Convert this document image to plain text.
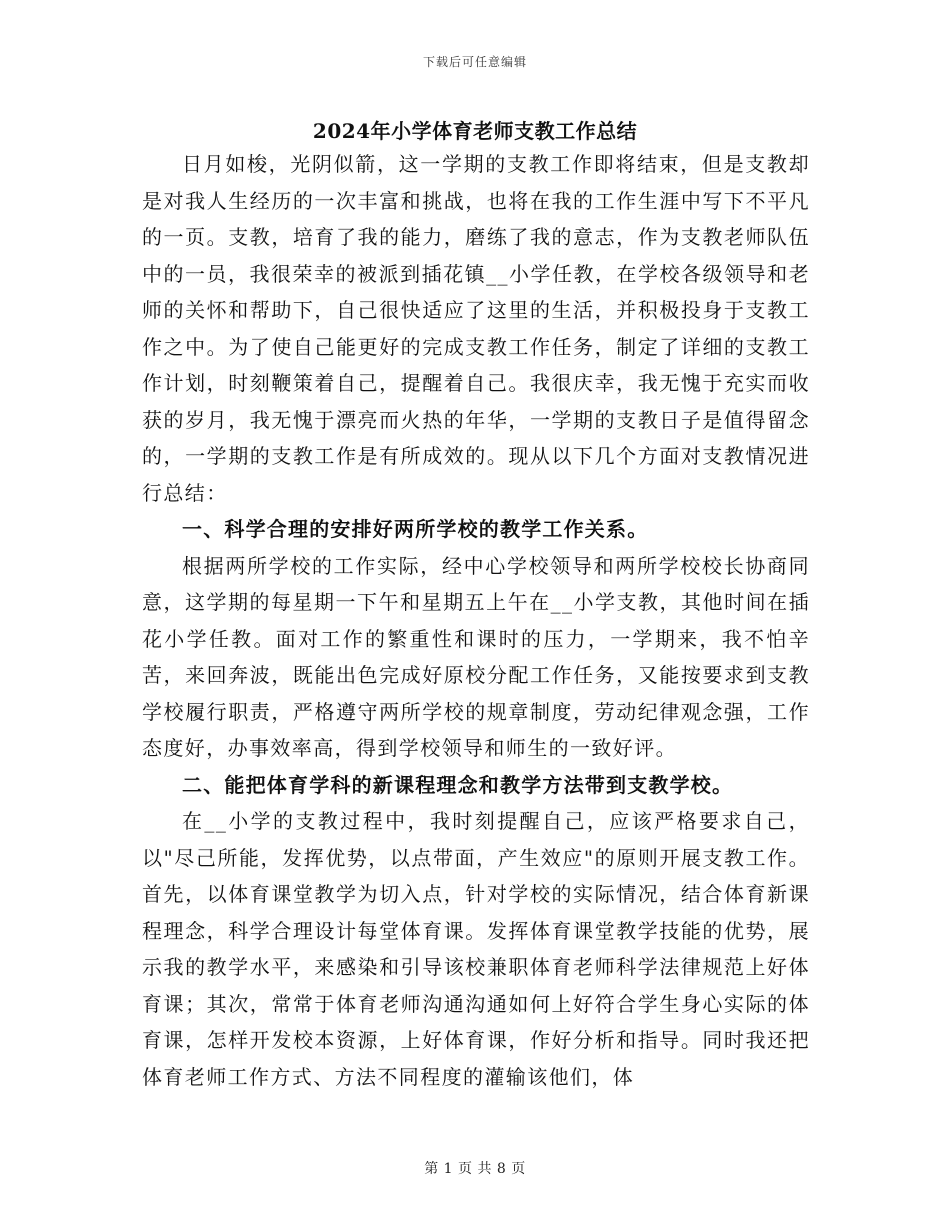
下载后可任意编辑
2024年小学体育老师支教工作总结

日月如梭，光阴似箭，这一学期的支教工作即将结束，但是支教却是对我人生经历的一次丰富和挑战，也将在我的工作生涯中写下不平凡的一页。支教，培育了我的能力，磨练了我的意志，作为支教老师队伍中的一员，我很荣幸的被派到插花镇__小学任教，在学校各级领导和老师的关怀和帮助下，自己很快适应了这里的生活，并积极投身于支教工作之中。为了使自己能更好的完成支教工作任务，制定了详细的支教工作计划，时刻鞭策着自己，提醒着自己。我很庆幸，我无愧于充实而收获的岁月，我无愧于漂亮而火热的年华，一学期的支教日子是值得留念的，一学期的支教工作是有所成效的。现从以下几个方面对支教情况进行总结：

一、科学合理的安排好两所学校的教学工作关系。

根据两所学校的工作实际，经中心学校领导和两所学校校长协商同意，这学期的每星期一下午和星期五上午在__小学支教，其他时间在插花小学任教。面对工作的繁重性和课时的压力，一学期来，我不怕辛苦，来回奔波，既能出色完成好原校分配工作任务，又能按要求到支教学校履行职责，严格遵守两所学校的规章制度，劳动纪律观念强，工作态度好，办事效率高，得到学校领导和师生的一致好评。

二、能把体育学科的新课程理念和教学方法带到支教学校。

在__小学的支教过程中，我时刻提醒自己，应该严格要求自己，以"尽己所能，发挥优势，以点带面，产生效应"的原则开展支教工作。首先，以体育课堂教学为切入点，针对学校的实际情况，结合体育新课程理念，科学合理设计每堂体育课。发挥体育课堂教学技能的优势，展示我的教学水平，来感染和引导该校兼职体育老师科学法律规范上好体育课；其次，常常于体育老师沟通沟通如何上好符合学生身心实际的体育课，怎样开发校本资源，上好体育课，作好分析和指导。同时我还把体育老师工作方式、方法不同程度的灌输该他们，体

第 1 页 共 8 页
